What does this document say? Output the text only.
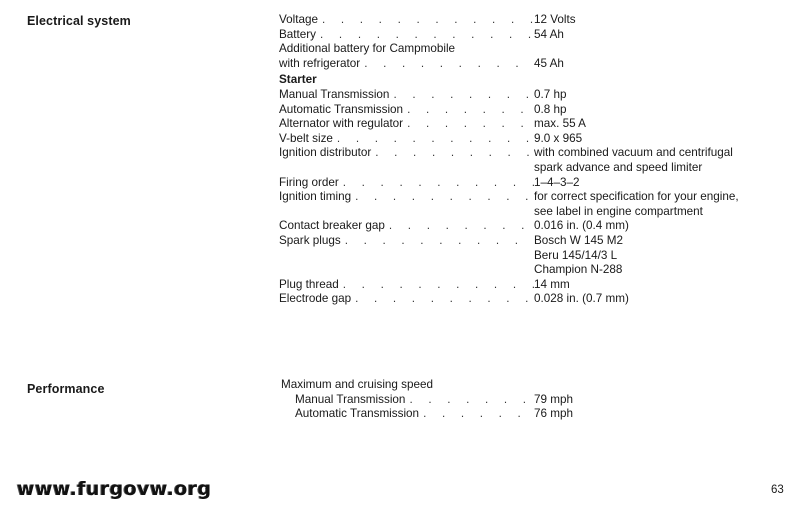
Electrical system	Voltage . . .	12 Volts
Battery . . .	54 Ah
Additional battery for Campmobile
with refrigerator . . .	45 Ah
Starter
Manual Transmission . . .	0.7 hp
Automatic Transmission . . .	0.8 hp
Alternator with regulator . . .	max. 55 A
V-belt size . . .	9.0 x 965
Ignition distributor . . .	with combined vacuum and centrifugal
spark advance and speed limiter
Firing order . . .	1–4–3–2
Ignition timing . . .	for correct specification for your engine,
see label in engine compartment
Contact breaker gap . . .	0.016 in. (0.4 mm)
Spark plugs . . .	Bosch W 145 M2
Beru 145/14/3 L
Champion N-288
Plug thread . . .	14 mm
Electrode gap . . .	0.028 in. (0.7 mm)
Performance	Maximum and cruising speed
Manual Transmission . . .	79 mph
Automatic Transmission . . .	76 mph
www.furgovw.org	63
